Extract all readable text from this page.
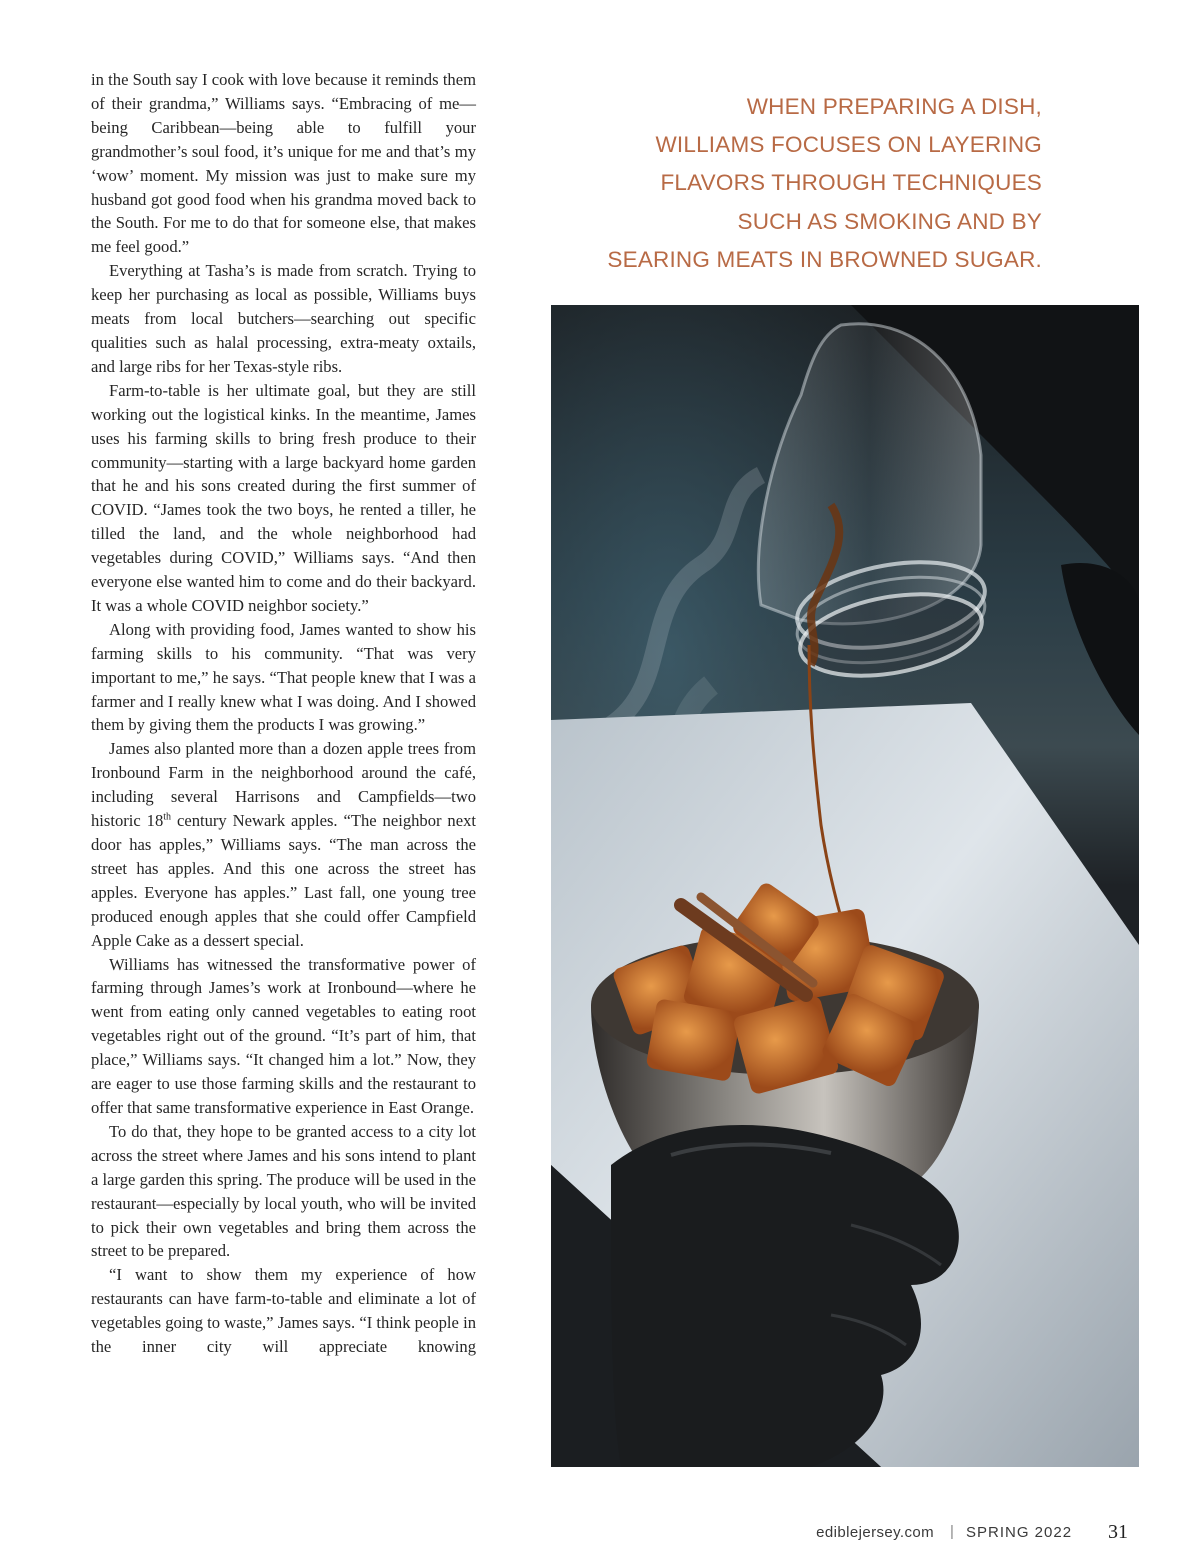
in the South say I cook with love because it reminds them of their grandma,” Williams says. “Embracing of me—being Caribbean—being able to fulfill your grandmother’s soul food, it’s unique for me and that’s my ‘wow’ moment. My mission was just to make sure my husband got good food when his grandma moved back to the South. For me to do that for someone else, that makes me feel good.”

Everything at Tasha’s is made from scratch. Trying to keep her purchasing as local as possible, Williams buys meats from local butchers—searching out specific qualities such as halal processing, extra-meaty oxtails, and large ribs for her Texas-style ribs.

Farm-to-table is her ultimate goal, but they are still working out the logistical kinks. In the meantime, James uses his farming skills to bring fresh produce to their community—starting with a large backyard home garden that he and his sons created during the first summer of COVID. “James took the two boys, he rented a tiller, he tilled the land, and the whole neighborhood had vegetables during COVID,” Williams says. “And then everyone else wanted him to come and do their backyard. It was a whole COVID neighbor society.”

Along with providing food, James wanted to show his farming skills to his community. “That was very important to me,” he says. “That people knew that I was a farmer and I really knew what I was doing. And I showed them by giving them the products I was growing.”

James also planted more than a dozen apple trees from Ironbound Farm in the neighborhood around the café, including several Harrisons and Campfields—two historic 18th century Newark apples. “The neighbor next door has apples,” Williams says. “The man across the street has apples. And this one across the street has apples. Everyone has apples.” Last fall, one young tree produced enough apples that she could offer Campfield Apple Cake as a dessert special.

Williams has witnessed the transformative power of farming through James’s work at Ironbound—where he went from eating only canned vegetables to eating root vegetables right out of the ground. “It’s part of him, that place,” Williams says. “It changed him a lot.” Now, they are eager to use those farming skills and the restaurant to offer that same transformative experience in East Orange.

To do that, they hope to be granted access to a city lot across the street where James and his sons intend to plant a large garden this spring. The produce will be used in the restaurant—especially by local youth, who will be invited to pick their own vegetables and bring them across the street to be prepared.

“I want to show them my experience of how restaurants can have farm-to-table and eliminate a lot of vegetables going to waste,” James says. “I think people in the inner city will appreciate knowing

WHEN PREPARING A DISH,
WILLIAMS FOCUSES ON LAYERING
FLAVORS THROUGH TECHNIQUES
SUCH AS SMOKING AND BY
SEARING MEATS IN BROWNED SUGAR.
ediblejersey.com | SPRING 2022 31
